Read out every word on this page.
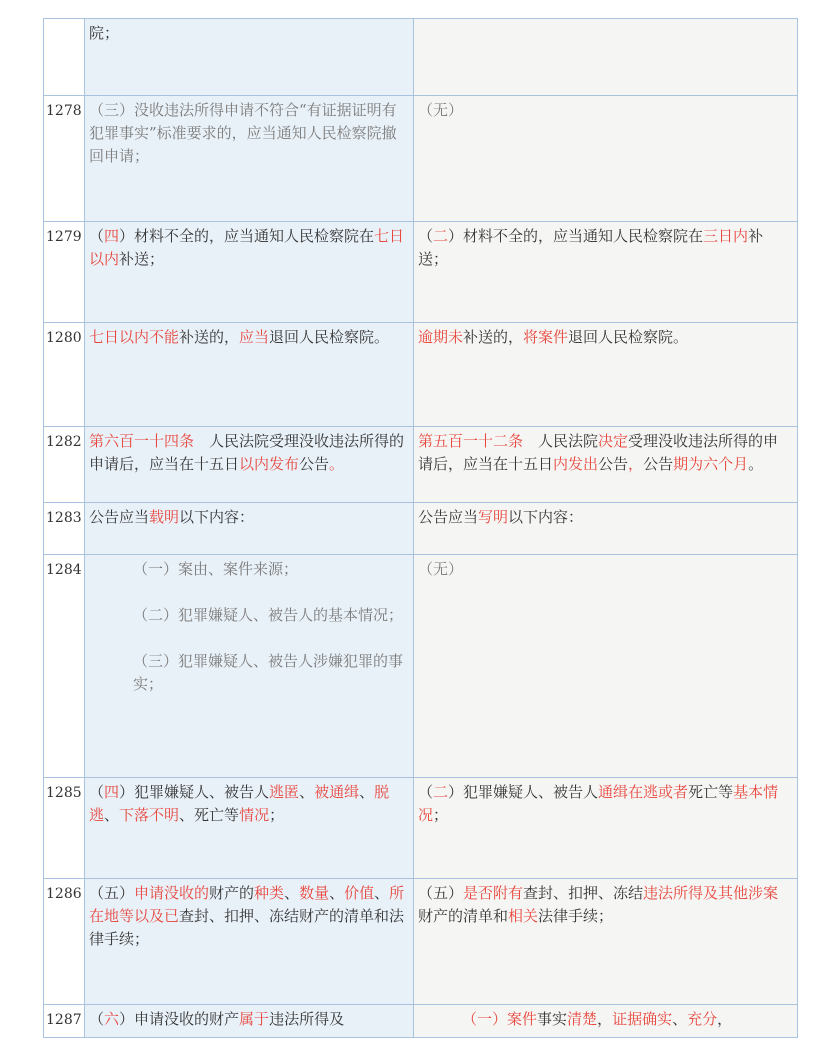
	院；	

1278	（三）没收违法所得申请不符合“有证据证明有犯罪事实”标准要求的，应当通知人民检察院撤回申请；	（无）

1279	（四）材料不全的，应当通知人民检察院在七日以内补送；	（二）材料不全的，应当通知人民检察院在三日内补送；

1280	七日以内不能补送的，应当退回人民检察院。	逾期未补送的，将案件退回人民检察院。

1282	第六百一十四条　人民法院受理没收违法所得的申请后，应当在十五日以内发布公告。	第五百一十二条　人民法院决定受理没收违法所得的申请后，应当在十五日内发出公告，公告期为六个月。

1283	公告应当载明以下内容：	公告应当写明以下内容：

1284	（一）案由、案件来源；
（二）犯罪嫌疑人、被告人的基本情况；
（三）犯罪嫌疑人、被告人涉嫌犯罪的事实；	（无）

1285	（四）犯罪嫌疑人、被告人逃匿、被通缉、脱逃、下落不明、死亡等情况；	（二）犯罪嫌疑人、被告人通缉在逃或者死亡等基本情况；

1286	（五）申请没收的财产的种类、数量、价值、所在地等以及已查封、扣押、冻结财产的清单和法律手续；	（五）是否附有查封、扣押、冻结违法所得及其他涉案财产的清单和相关法律手续；

1287	（六）申请没收的财产属于违法所得及	（一）案件事实清楚，证据确实、充分，
